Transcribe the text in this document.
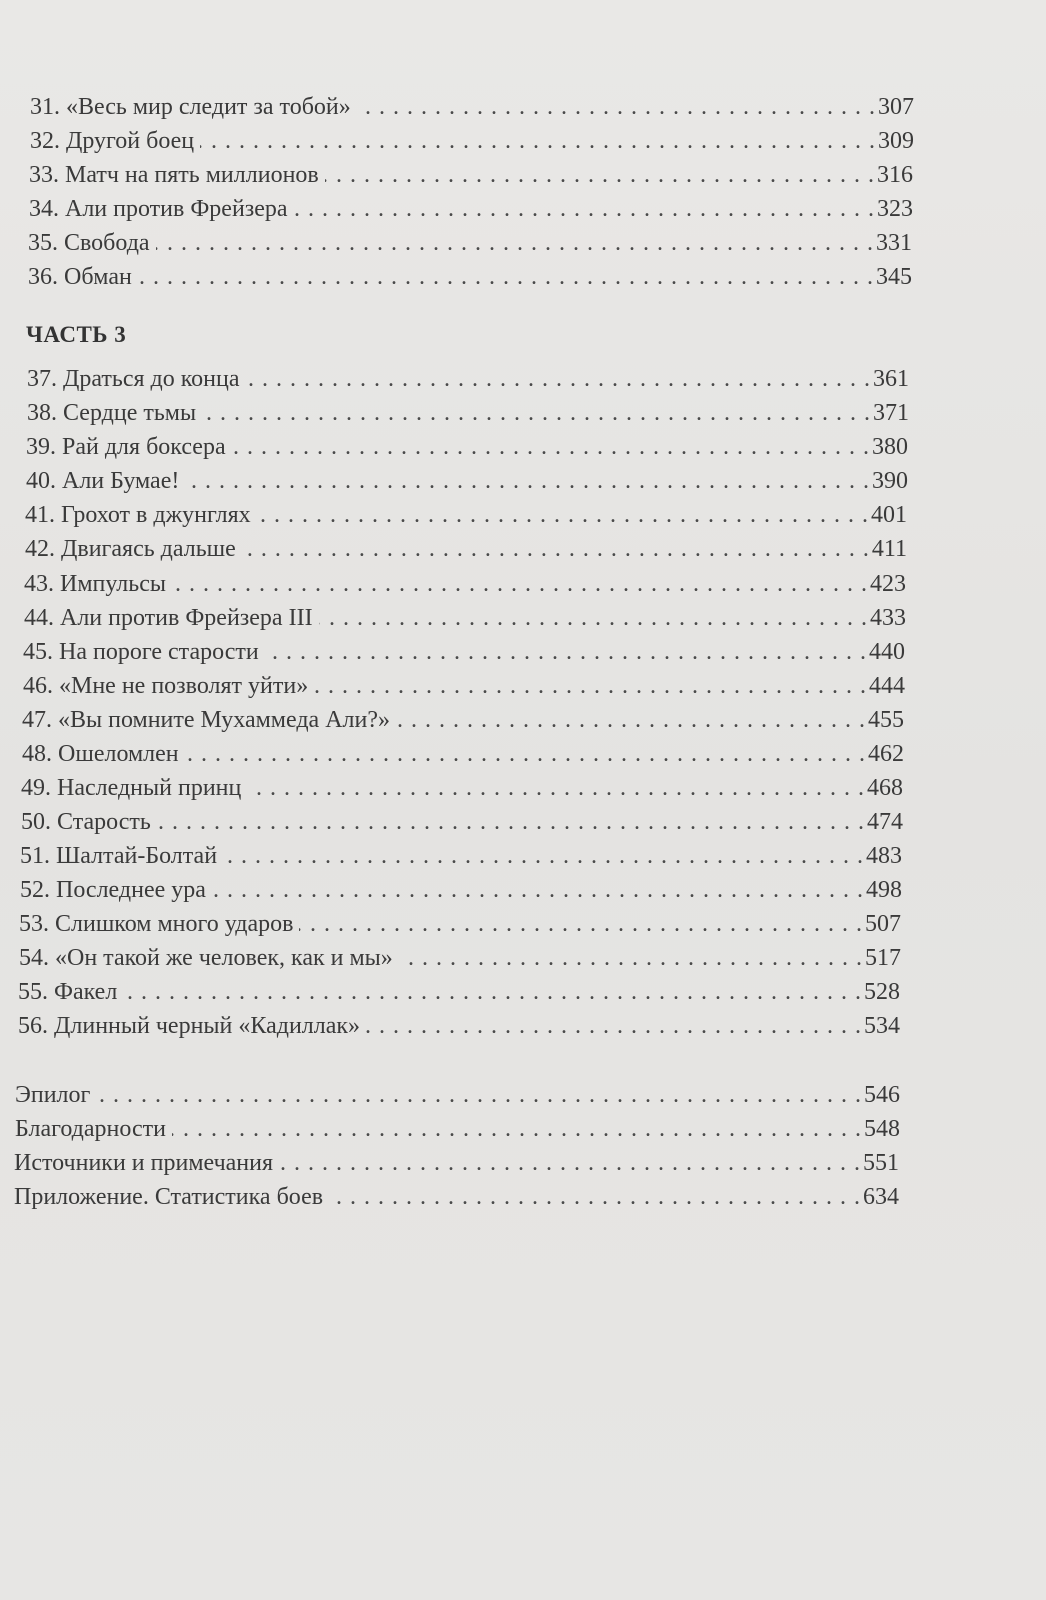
31. «Весь мир следит за тобой» . . .	307
32. Другой боец . . .	309
33. Матч на пять миллионов . . .	316
34. Али против Фрейзера . . .	323
35. Свобода . . .	331
36. Обман . . .	345
ЧАСТЬ 3
37. Драться до конца . . .	361
38. Сердце тьмы . . .	371
39. Рай для боксера . . .	380
40. Али Бумае! . . .	390
41. Грохот в джунглях . . .	401
42. Двигаясь дальше . . .	411
43. Импульсы . . .	423
44. Али против Фрейзера III . . .	433
45. На пороге старости . . .	440
46. «Мне не позволят уйти» . . .	444
47. «Вы помните Мухаммеда Али?» . . .	455
48. Ошеломлен . . .	462
49. Наследный принц . . .	468
50. Старость . . .	474
51. Шалтай-Болтай . . .	483
52. Последнее ура . . .	498
53. Слишком много ударов . . .	507
54. «Он такой же человек, как и мы» . . .	517
55. Факел . . .	528
56. Длинный черный «Кадиллак» . . .	534
Эпилог . . .	546
Благодарности . . .	548
Источники и примечания . . .	551
Приложение. Статистика боев . . .	634
